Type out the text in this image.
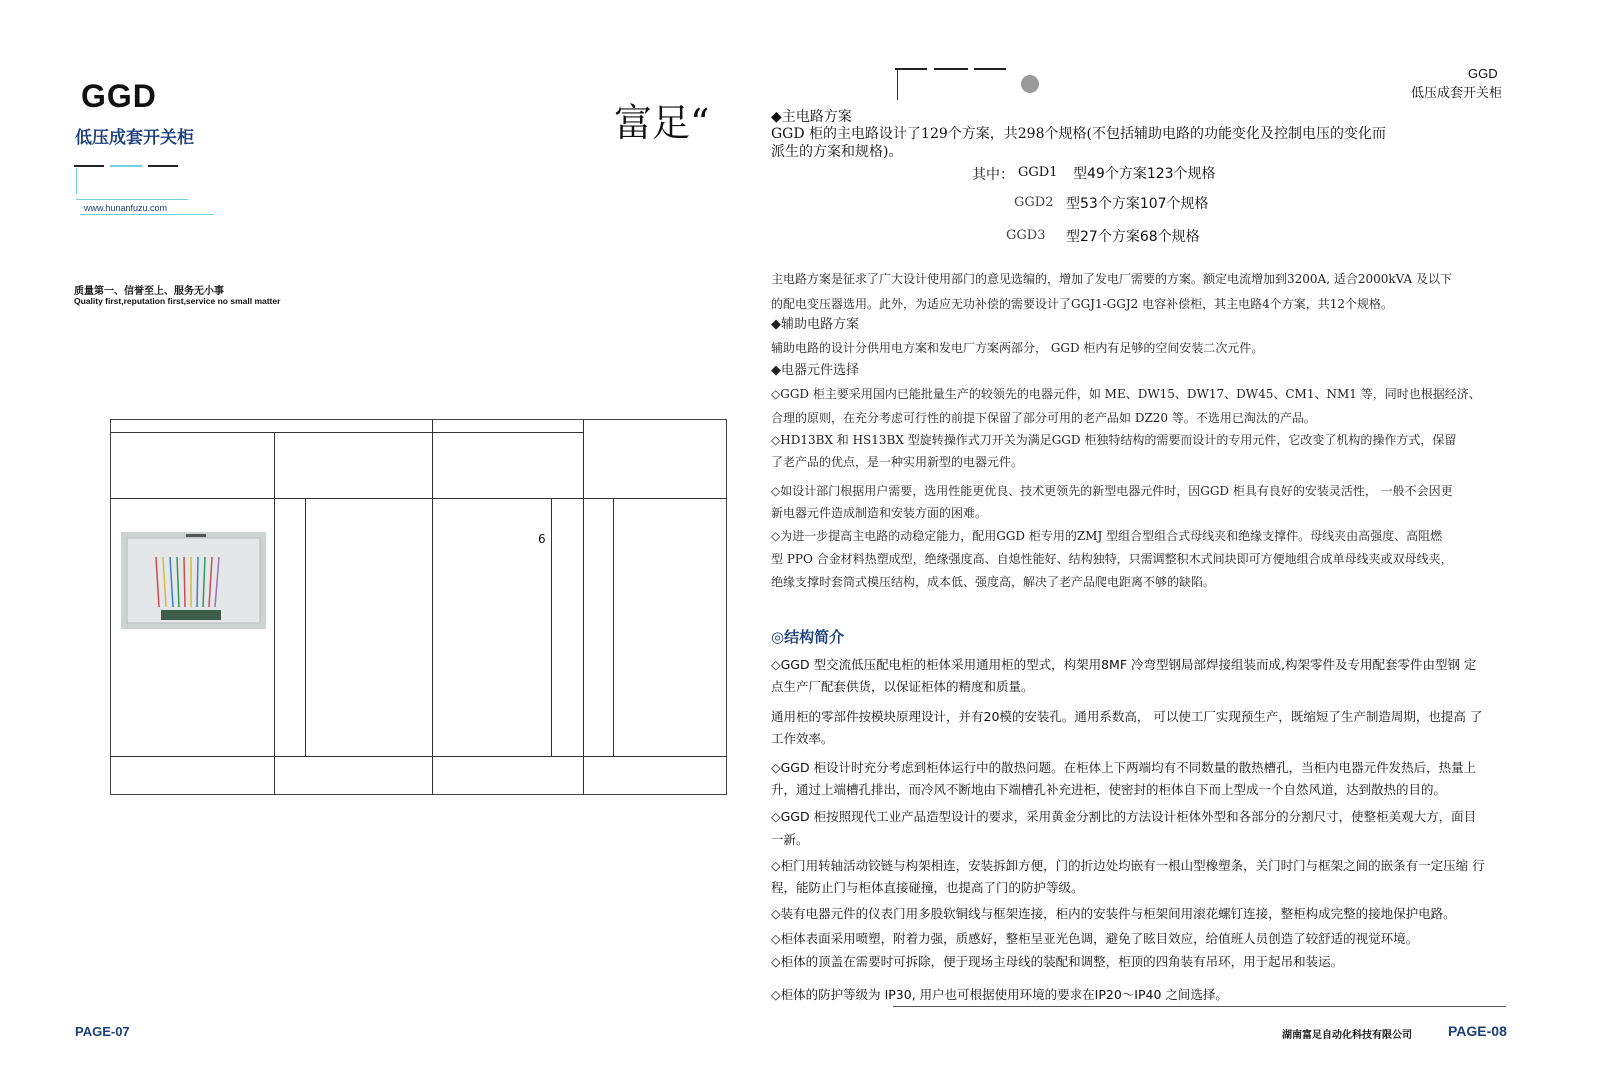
GGD
低压成套开关柜
www.hunanfuzu.com
质量第一、信誉至上、服务无小事
Quality first,reputation first,service no small matter
富足“
6
PAGE-07
GGD
低压成套开关柜
◆主电路方案
GGD 柜的主电路设计了129个方案，共298个规格(不包括辅助电路的功能变化及控制电压的变化而
派生的方案和规格)。
其中： GGD1 型49个方案123个规格
GGD2 型53个方案107个规格
GGD3 型27个方案68个规格
主电路方案是征求了广大设计使用部门的意见选编的，增加了发电厂需要的方案。额定电流增加到3200A, 适合2000kVA 及以下
的配电变压器选用。此外，为适应无功补偿的需要设计了GGJ1-GGJ2 电容补偿柜，其主电路4个方案，共12个规格。
◆辅助电路方案
辅助电路的设计分供用电方案和发电厂方案两部分， GGD 柜内有足够的空间安装二次元件。
◆电器元件选择
◇GGD 柜主要采用国内已能批量生产的较领先的电器元件，如 ME、DW15、DW17、DW45、CM1、NM1 等，同时也根据经济、
合理的原则，在充分考虑可行性的前提下保留了部分可用的老产品如 DZ20 等。不选用已淘汰的产品。
◇HD13BX 和 HS13BX 型旋转操作式刀开关为满足GGD 柜独特结构的需要而设计的专用元件，它改变了机构的操作方式，保留
了老产品的优点，是一种实用新型的电器元件。
◇如设计部门根据用户需要，选用性能更优良、技术更领先的新型电器元件时，因GGD 柜具有良好的安装灵活性， 一般不会因更
新电器元件造成制造和安装方面的困难。
◇为进一步提高主电路的动稳定能力，配用GGD 柜专用的ZMJ 型组合型组合式母线夹和绝缘支撑件。母线夹由高强度、高阻燃
型 PPO 合金材料热塑成型，绝缘强度高、自熄性能好、结构独特，只需调整积木式间块即可方便地组合成单母线夹或双母线夹，
绝缘支撑时套筒式模压结构，成本低、强度高，解决了老产品爬电距离不够的缺陷。
◎结构简介
◇GGD 型交流低压配电柜的柜体采用通用柜的型式，构架用8MF 冷弯型钢局部焊接组装而成,构架零件及专用配套零件由型钢 定
点生产厂配套供货，以保证柜体的精度和质量。
通用柜的零部件按模块原理设计，并有20模的安装孔。通用系数高， 可以使工厂实现预生产，既缩短了生产制造周期，也提高 了
工作效率。
◇GGD 柜设计时充分考虑到柜体运行中的散热问题。在柜体上下两端均有不同数量的散热槽孔，当柜内电器元件发热后，热量上
升，通过上端槽孔排出，而冷风不断地由下端槽孔补充进柜，使密封的柜体自下而上型成一个自然风道，达到散热的目的。
◇GGD 柜按照现代工业产品造型设计的要求，采用黄金分割比的方法设计柜体外型和各部分的分割尺寸，使整柜美观大方，面目
一新。
◇柜门用转轴活动铰链与构架相连，安装拆卸方便，门的折边处均嵌有一根山型橡塑条，关门时门与框架之间的嵌条有一定压缩 行
程，能防止门与柜体直接碰撞，也提高了门的防护等级。
◇装有电器元件的仪表门用多股软铜线与框架连接，柜内的安装件与柜架间用滚花螺钉连接，整柜构成完整的接地保护电路。
◇柜体表面采用喷塑，附着力强，质感好，整柜呈亚光色调，避免了眩目效应，给值班人员创造了较舒适的视觉环境。
◇柜体的顶盖在需要时可拆除，便于现场主母线的装配和调整，柜顶的四角装有吊环，用于起吊和装运。
◇柜体的防护等级为 IP30, 用户也可根据使用环境的要求在IP20～IP40 之间选择。
湖南富足自动化科技有限公司	PAGE-08
